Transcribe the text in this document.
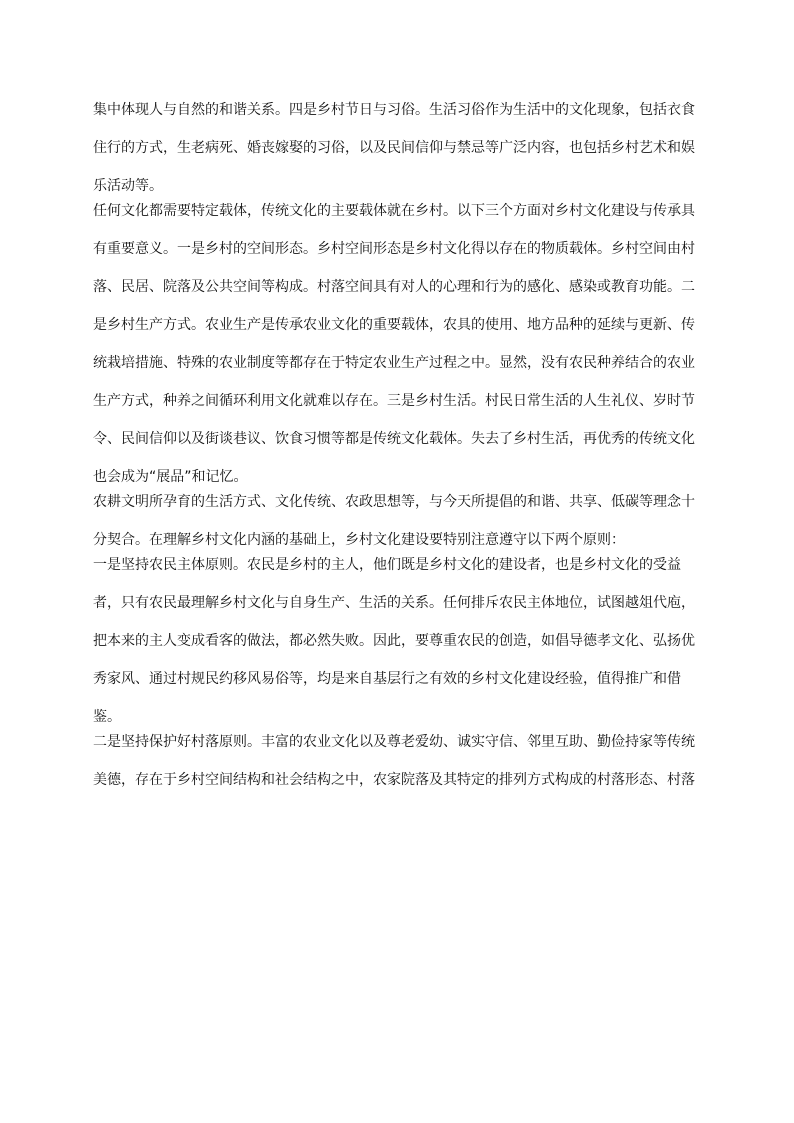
集中体现人与自然的和谐关系。四是乡村节日与习俗。生活习俗作为生活中的文化现象，包括衣食
住行的方式，生老病死、婚丧嫁娶的习俗，以及民间信仰与禁忌等广泛内容，也包括乡村艺术和娱
乐活动等。
任何文化都需要特定载体，传统文化的主要载体就在乡村。以下三个方面对乡村文化建设与传承具
有重要意义。一是乡村的空间形态。乡村空间形态是乡村文化得以存在的物质载体。乡村空间由村
落、民居、院落及公共空间等构成。村落空间具有对人的心理和行为的感化、感染或教育功能。二
是乡村生产方式。农业生产是传承农业文化的重要载体，农具的使用、地方品种的延续与更新、传
统栽培措施、特殊的农业制度等都存在于特定农业生产过程之中。显然，没有农民种养结合的农业
生产方式，种养之间循环利用文化就难以存在。三是乡村生活。村民日常生活的人生礼仪、岁时节
令、民间信仰以及街谈巷议、饮食习惯等都是传统文化载体。失去了乡村生活，再优秀的传统文化
也会成为“展品”和记忆。
农耕文明所孕育的生活方式、文化传统、农政思想等，与今天所提倡的和谐、共享、低碳等理念十
分契合。在理解乡村文化内涵的基础上，乡村文化建设要特别注意遵守以下两个原则：
一是坚持农民主体原则。农民是乡村的主人，他们既是乡村文化的建设者，也是乡村文化的受益
者，只有农民最理解乡村文化与自身生产、生活的关系。任何排斥农民主体地位，试图越俎代庖，
把本来的主人变成看客的做法，都必然失败。因此，要尊重农民的创造，如倡导德孝文化、弘扬优
秀家风、通过村规民约移风易俗等，均是来自基层行之有效的乡村文化建设经验，值得推广和借
鉴。
二是坚持保护好村落原则。丰富的农业文化以及尊老爱幼、诚实守信、邻里互助、勤俭持家等传统
美德，存在于乡村空间结构和社会结构之中，农家院落及其特定的排列方式构成的村落形态、村落
